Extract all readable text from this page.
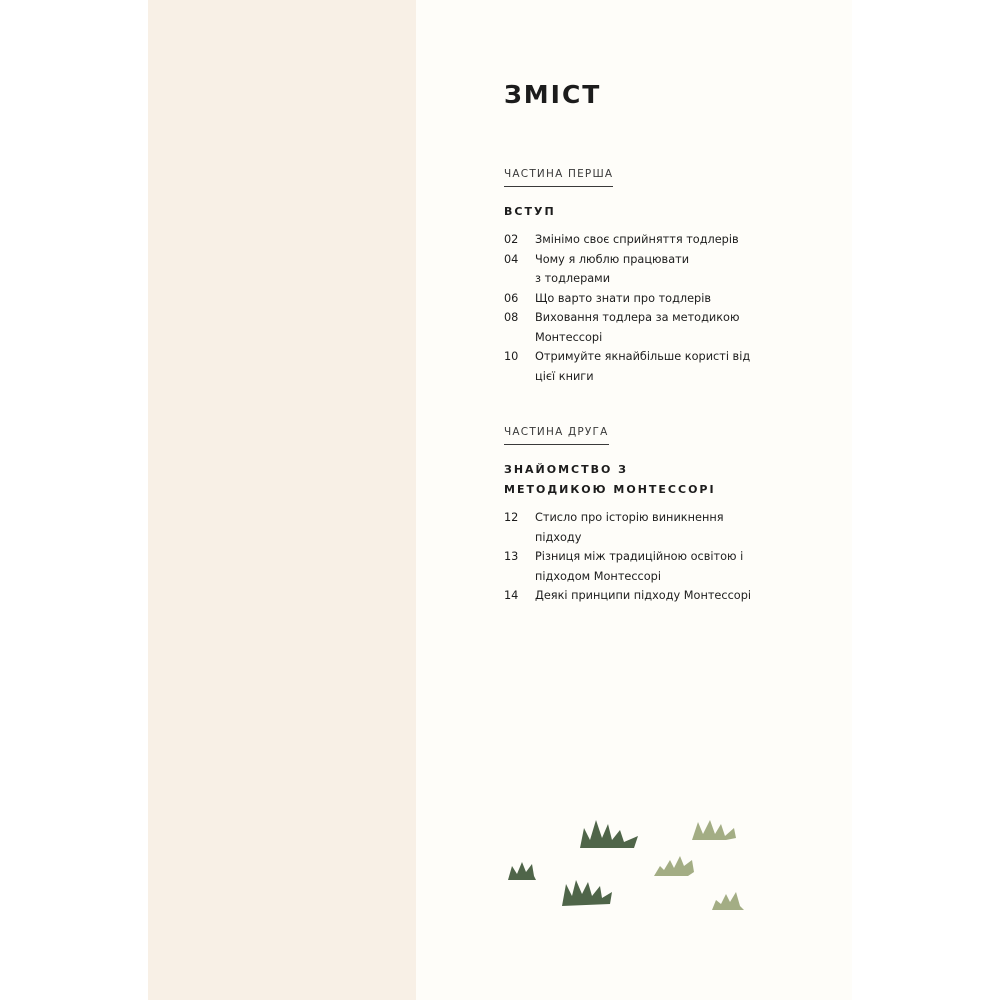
ЗМІСТ
ЧАСТИНА ПЕРША
ВСТУП
02	Змінімо своє сприйняття тодлерів
04	Чому я люблю працювати з тодлерами
06	Що варто знати про тодлерів
08	Виховання тодлера за методикою Монтессорі
10	Отримуйте якнайбільше користі від цієї книги
ЧАСТИНА ДРУГА
ЗНАЙОМСТВО З МЕТОДИКОЮ МОНТЕССОРІ
12	Стисло про історію виникнення підходу
13	Різниця між традиційною освітою і підходом Монтессорі
14	Деякі принципи підходу Монтессорі
